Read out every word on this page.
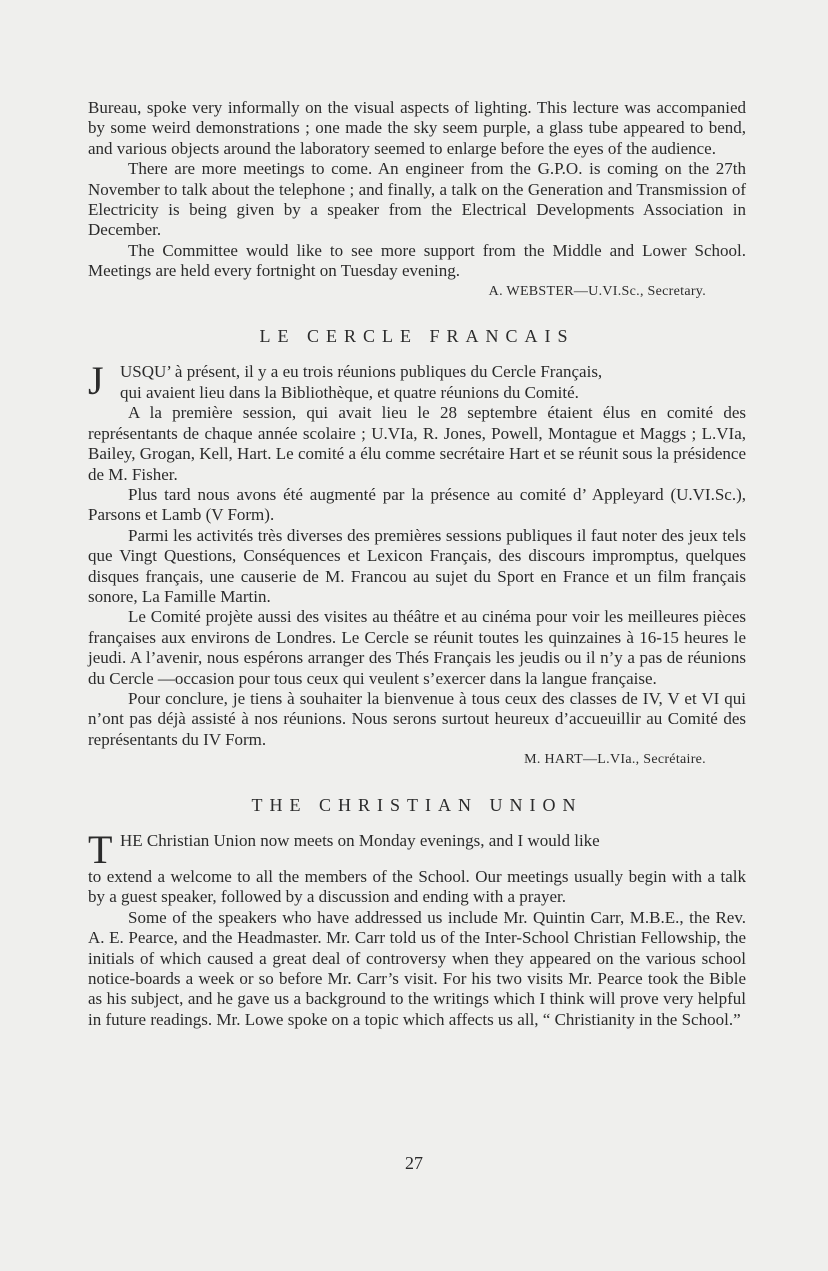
Bureau, spoke very informally on the visual aspects of lighting. This lecture was accompanied by some weird demonstrations ; one made the sky seem purple, a glass tube appeared to bend, and various objects around the laboratory seemed to enlarge before the eyes of the audience.

There are more meetings to come. An engineer from the G.P.O. is coming on the 27th November to talk about the telephone ; and finally, a talk on the Generation and Transmission of Electricity is being given by a speaker from the Electrical Developments Association in December.

The Committee would like to see more support from the Middle and Lower School. Meetings are held every fortnight on Tuesday evening.

A. WEBSTER—U.VI.Sc., Secretary.
LE CERCLE FRANCAIS
J USQU’ à présent, il y a eu trois réunions publiques du Cercle Français,

qui avaient lieu dans la Bibliothèque, et quatre réunions du Comité.

A la première session, qui avait lieu le 28 septembre étaient élus en comité des représentants de chaque année scolaire ; U.VIa, R. Jones, Powell, Montague et Maggs ; L.VIa, Bailey, Grogan, Kell, Hart. Le comité a élu comme secrétaire Hart et se réunit sous la présidence de M. Fisher.

Plus tard nous avons été augmenté par la présence au comité d’ Appleyard (U.VI.Sc.), Parsons et Lamb (V Form).

Parmi les activités très diverses des premières sessions publiques il faut noter des jeux tels que Vingt Questions, Conséquences et Lexicon Français, des discours impromptus, quelques disques français, une causerie de M. Francou au sujet du Sport en France et un film français sonore, La Famille Martin.

Le Comité projète aussi des visites au théâtre et au cinéma pour voir les meilleures pièces françaises aux environs de Londres. Le Cercle se réunit toutes les quinzaines à 16-15 heures le jeudi. A l’avenir, nous espérons arranger des Thés Français les jeudis ou il n’y a pas de réunions du Cercle —occasion pour tous ceux qui veulent s’exercer dans la langue française.

Pour conclure, je tiens à souhaiter la bienvenue à tous ceux des classes de IV, V et VI qui n’ont pas déjà assisté à nos réunions. Nous serons surtout heureux d’accueuillir au Comité des représentants du IV Form.

M. HART—L.VIa., Secrétaire.
THE CHRISTIAN UNION
T HE Christian Union now meets on Monday evenings, and I would like

to extend a welcome to all the members of the School. Our meetings usually begin with a talk by a guest speaker, followed by a discussion and ending with a prayer.

Some of the speakers who have addressed us include Mr. Quintin Carr, M.B.E., the Rev. A. E. Pearce, and the Headmaster. Mr. Carr told us of the Inter-School Christian Fellowship, the initials of which caused a great deal of controversy when they appeared on the various school notice-boards a week or so before Mr. Carr’s visit. For his two visits Mr. Pearce took the Bible as his subject, and he gave us a background to the writings which I think will prove very helpful in future readings. Mr. Lowe spoke on a topic which affects us all, “ Christianity in the School.”

27
